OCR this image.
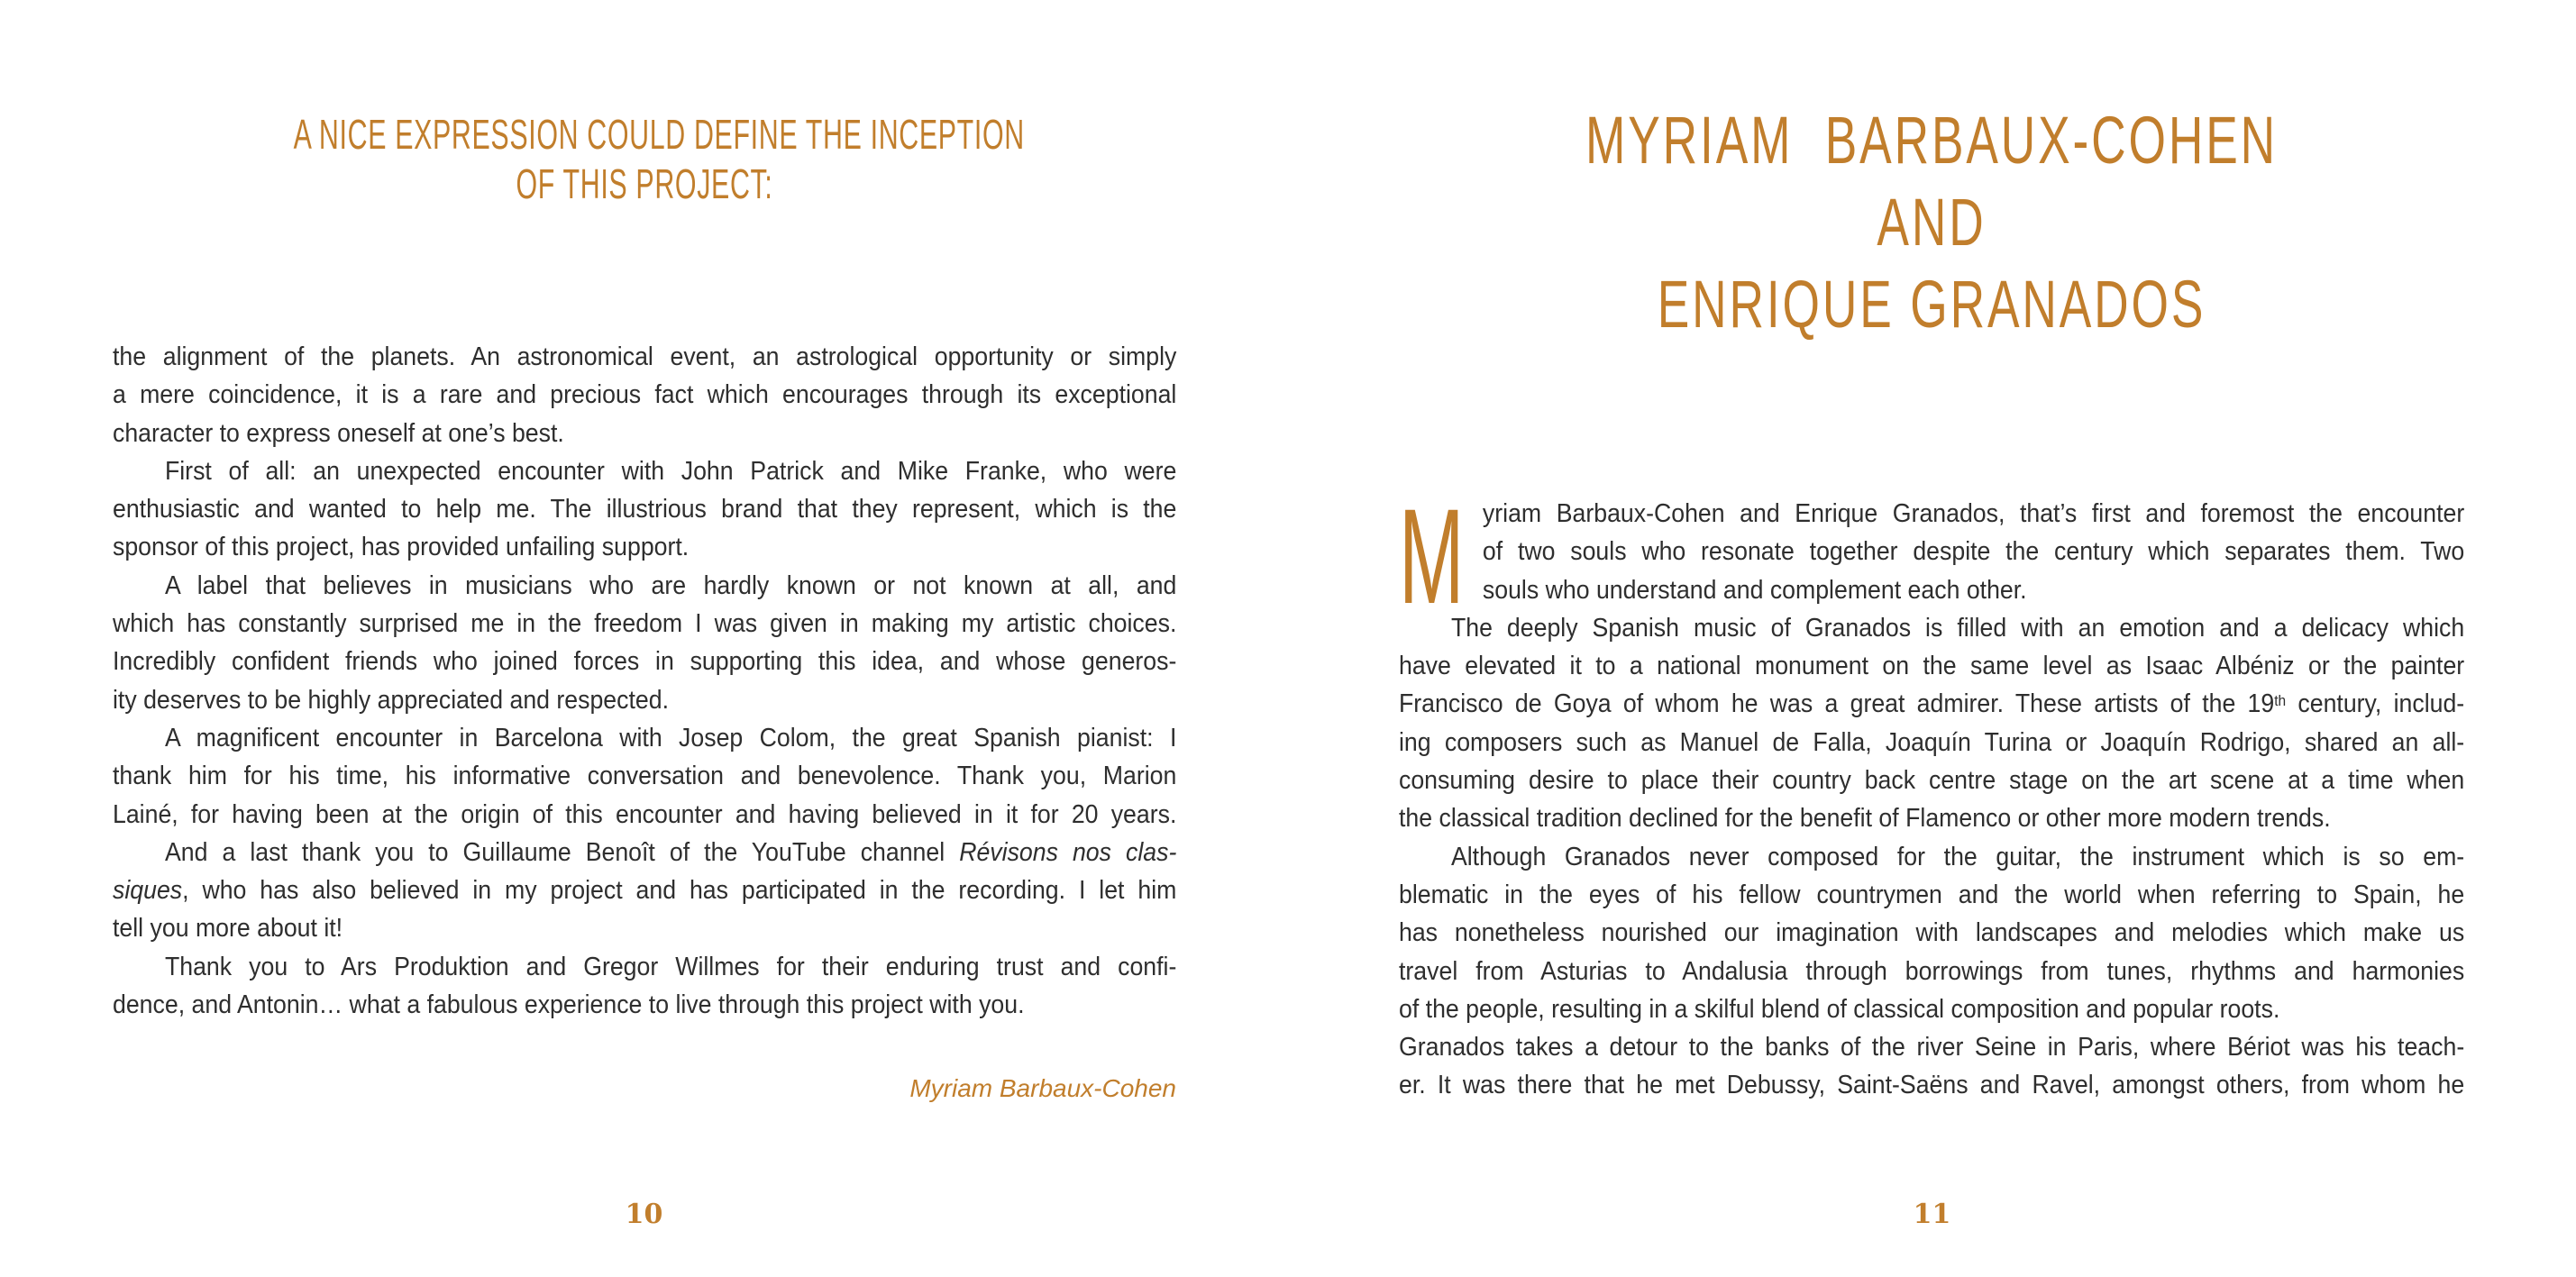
A NICE EXPRESSION COULD DEFINE THE INCEPTION
OF THIS PROJECT:
the alignment of the planets. An astronomical event, an astrological opportunity or simply
a mere coincidence, it is a rare and precious fact which encourages through its exceptional
character to express oneself at one’s best.
First of all: an unexpected encounter with John Patrick and Mike Franke, who were
enthusiastic and wanted to help me. The illustrious brand that they represent, which is the
sponsor of this project, has provided unfailing support.
A label that believes in musicians who are hardly known or not known at all, and
which has constantly surprised me in the freedom I was given in making my artistic choices.
Incredibly confident friends who joined forces in supporting this idea, and whose generos-
ity deserves to be highly appreciated and respected.
A magnificent encounter in Barcelona with Josep Colom, the great Spanish pianist: I
thank him for his time, his informative conversation and benevolence. Thank you, Marion
Lainé, for having been at the origin of this encounter and having believed in it for 20 years.
And a last thank you to Guillaume Benoît of the YouTube channel Révisons nos clas-
siques, who has also believed in my project and has participated in the recording. I let him
tell you more about it!
Thank you to Ars Produktion and Gregor Willmes for their enduring trust and confi-
dence, and Antonin… what a fabulous experience to live through this project with you.
Myriam Barbaux-Cohen
10
MYRIAM  BARBAUX-COHEN
AND
ENRIQUE GRANADOS
M yriam Barbaux-Cohen and Enrique Granados, that’s first and foremost the encounter
of two souls who resonate together despite the century which separates them. Two
souls who understand and complement each other.
The deeply Spanish music of Granados is filled with an emotion and a delicacy which
have elevated it to a national monument on the same level as Isaac Albéniz or the painter
Francisco de Goya of whom he was a great admirer. These artists of the 19th century, includ-
ing composers such as Manuel de Falla, Joaquín Turina or Joaquín Rodrigo, shared an all-
consuming desire to place their country back centre stage on the art scene at a time when
the classical tradition declined for the benefit of Flamenco or other more modern trends.
Although Granados never composed for the guitar, the instrument which is so em-
blematic in the eyes of his fellow countrymen and the world when referring to Spain, he
has nonetheless nourished our imagination with landscapes and melodies which make us
travel from Asturias to Andalusia through borrowings from tunes, rhythms and harmonies
of the people, resulting in a skilful blend of classical composition and popular roots.
Granados takes a detour to the banks of the river Seine in Paris, where Bériot was his teach-
er. It was there that he met Debussy, Saint-Saëns and Ravel, amongst others, from whom he
11
